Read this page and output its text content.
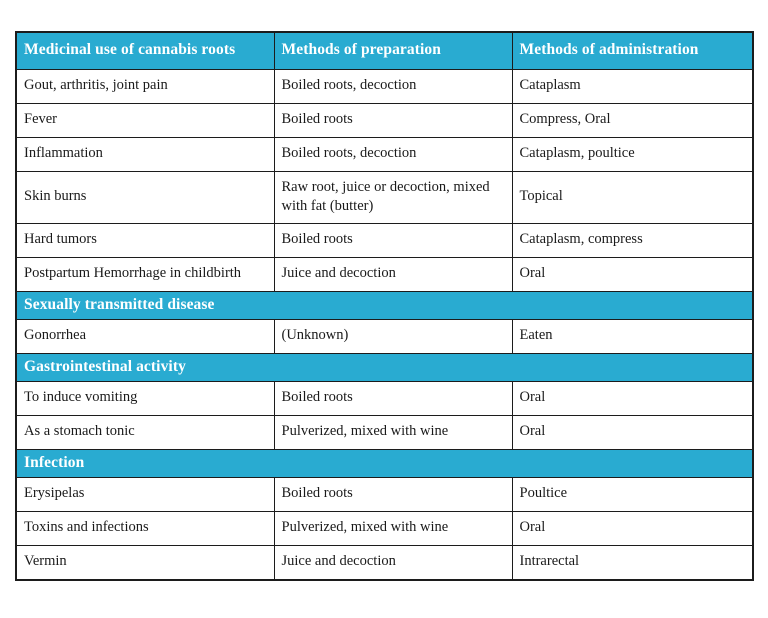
Medicinal use of cannabis roots	Methods of preparation	Methods of administration
Gout, arthritis, joint pain	Boiled roots, decoction	Cataplasm
Fever	Boiled roots	Compress, Oral
Inflammation	Boiled roots, decoction	Cataplasm, poultice
Skin burns	Raw root, juice or decoction, mixed with fat (butter)	Topical
Hard tumors	Boiled roots	Cataplasm, compress
Postpartum Hemorrhage in childbirth	Juice and decoction	Oral
Sexually transmitted disease		
Gonorrhea	(Unknown)	Eaten
Gastrointestinal activity		
To induce vomiting	Boiled roots	Oral
As a stomach tonic	Pulverized, mixed with wine	Oral
Infection		
Erysipelas	Boiled roots	Poultice
Toxins and infections	Pulverized, mixed with wine	Oral
Vermin	Juice and decoction	Intrarectal
